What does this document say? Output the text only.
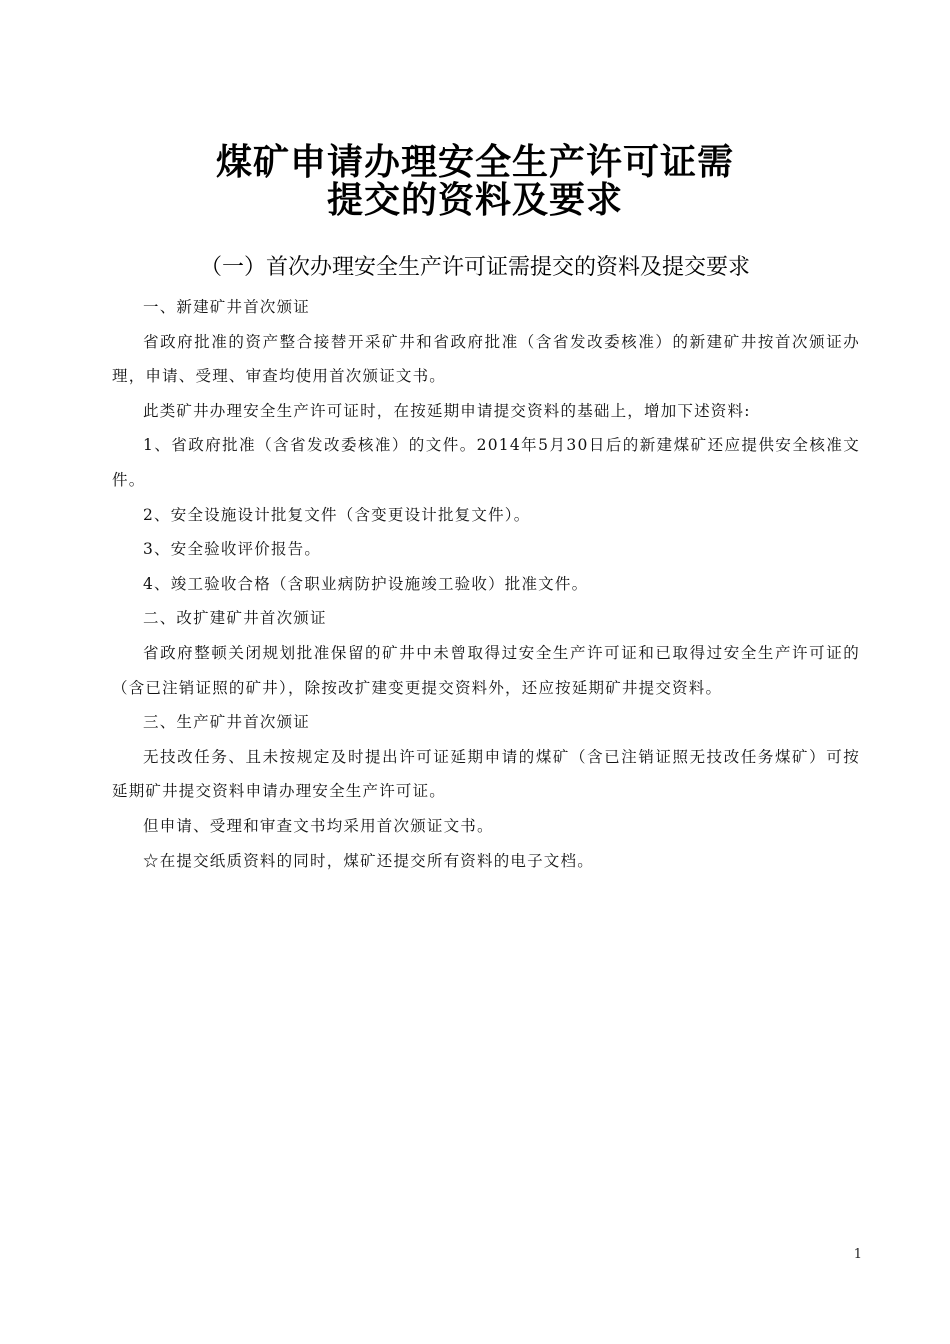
煤矿申请办理安全生产许可证需
提交的资料及要求
（一）首次办理安全生产许可证需提交的资料及提交要求

一、新建矿井首次颁证

省政府批准的资产整合接替开采矿井和省政府批准（含省发改委核准）的新建矿井按首次颁证办理，申请、受理、审查均使用首次颁证文书。

此类矿井办理安全生产许可证时，在按延期申请提交资料的基础上，增加下述资料:

1、省政府批准（含省发改委核准）的文件。2014年5月30日后的新建煤矿还应提供安全核准文件。

2、安全设施设计批复文件（含变更设计批复文件）。

3、安全验收评价报告。

4、竣工验收合格（含职业病防护设施竣工验收）批准文件。

二、改扩建矿井首次颁证

省政府整顿关闭规划批准保留的矿井中未曾取得过安全生产许可证和已取得过安全生产许可证的（含已注销证照的矿井），除按改扩建变更提交资料外，还应按延期矿井提交资料。

三、生产矿井首次颁证

无技改任务、且未按规定及时提出许可证延期申请的煤矿（含已注销证照无技改任务煤矿）可按延期矿井提交资料申请办理安全生产许可证。

但申请、受理和审查文书均采用首次颁证文书。

☆在提交纸质资料的同时，煤矿还提交所有资料的电子文档。

1
